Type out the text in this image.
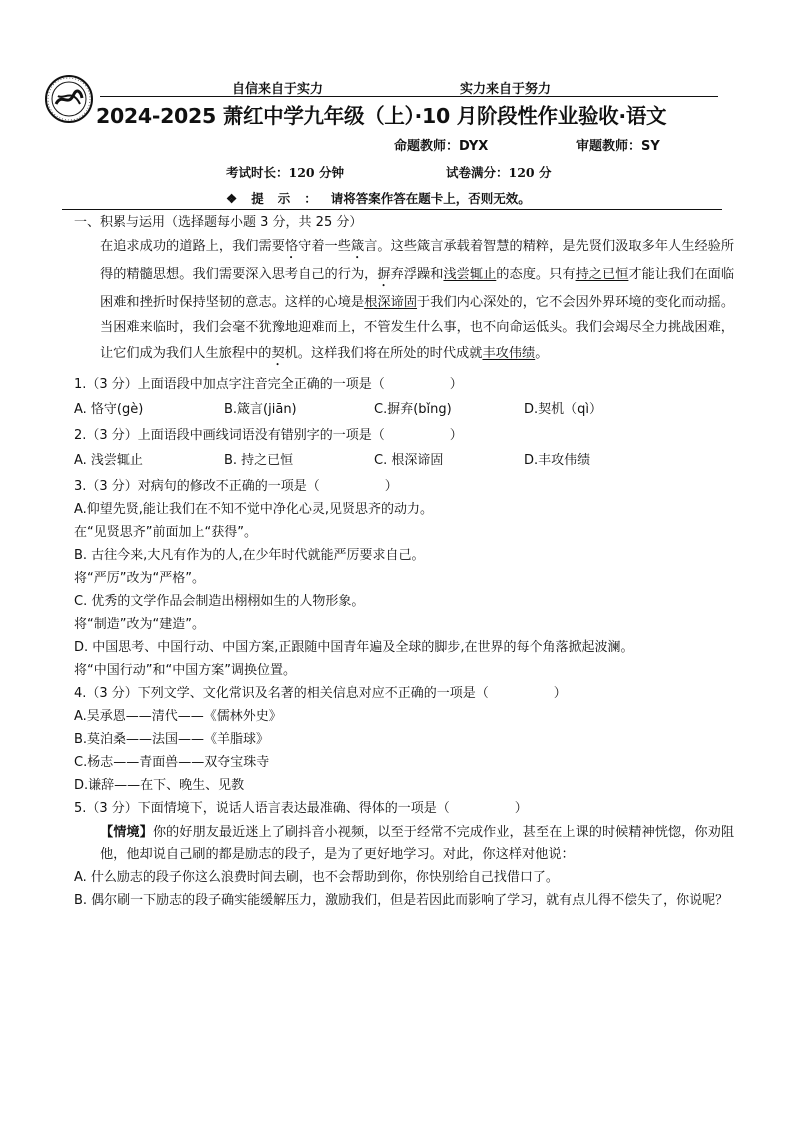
自信来自于实力	实力来自于努力
2024-2025 萧红中学九年级（上）·10 月阶段性作业验收·语文
命题教师：DYX	审题教师：SY
考试时长：120 分钟	试卷满分：120 分
❖ 提示：请将答案作答在题卡上，否则无效。
一、积累与运用（选择题每小题 3 分，共 25 分）
在追求成功的道路上，我们需要恪守着一些箴言。这些箴言承载着智慧的精粹，是先贤们汲取多年人生经验所得的精髓思想。我们需要深入思考自己的行为，摒弃浮躁和浅尝辄止的态度。只有持之已恒才能让我们在面临困难和挫折时保持坚韧的意志。这样的心境是根深谛固于我们内心深处的，它不会因外界环境的变化而动摇。当困难来临时，我们会毫不犹豫地迎难而上，不管发生什么事，也不向命运低头。我们会竭尽全力挑战困难，让它们成为我们人生旅程中的契机。这样我们将在所处的时代成就丰攻伟绩。
1.（3 分）上面语段中加点字注音完全正确的一项是（　　　　　）
A. 恪守(gè)	B.箴言(jiān)	C.摒弃(bǐng)	D.契机（qì）
2.（3 分）上面语段中画线词语没有错别字的一项是（　　　　　）
A. 浅尝辄止	B. 持之已恒	C. 根深谛固	D.丰攻伟绩
3.（3 分）对病句的修改不正确的一项是（　　　　　）
A.仰望先贤,能让我们在不知不觉中净化心灵,见贤思齐的动力。
在“见贤思齐”前面加上“获得”。
B. 古往今来,大凡有作为的人,在少年时代就能严厉要求自己。
将“严厉”改为“严格”。
C. 优秀的文学作品会制造出栩栩如生的人物形象。
将“制造”改为“建造”。
D. 中国思考、中国行动、中国方案,正跟随中国青年遍及全球的脚步,在世界的每个角落掀起波澜。
将“中国行动”和“中国方案”调换位置。
4.（3 分）下列文学、文化常识及名著的相关信息对应不正确的一项是（　　　　　）
A.吴承恩——清代——《儒林外史》
B.莫泊桑——法国——《羊脂球》
C.杨志——青面兽——双夺宝珠寺
D.谦辞——在下、晚生、见教
5.（3 分）下面情境下，说话人语言表达最准确、得体的一项是（　　　　　）
【情境】你的好朋友最近迷上了刷抖音小视频，以至于经常不完成作业，甚至在上课的时候精神恍惚，你劝阻他，他却说自己刷的都是励志的段子，是为了更好地学习。对此，你这样对他说：
A. 什么励志的段子你这么浪费时间去刷，也不会帮助到你，你快别给自己找借口了。
B. 偶尔刷一下励志的段子确实能缓解压力，激励我们，但是若因此而影响了学习，就有点儿得不偿失了，你说呢？
